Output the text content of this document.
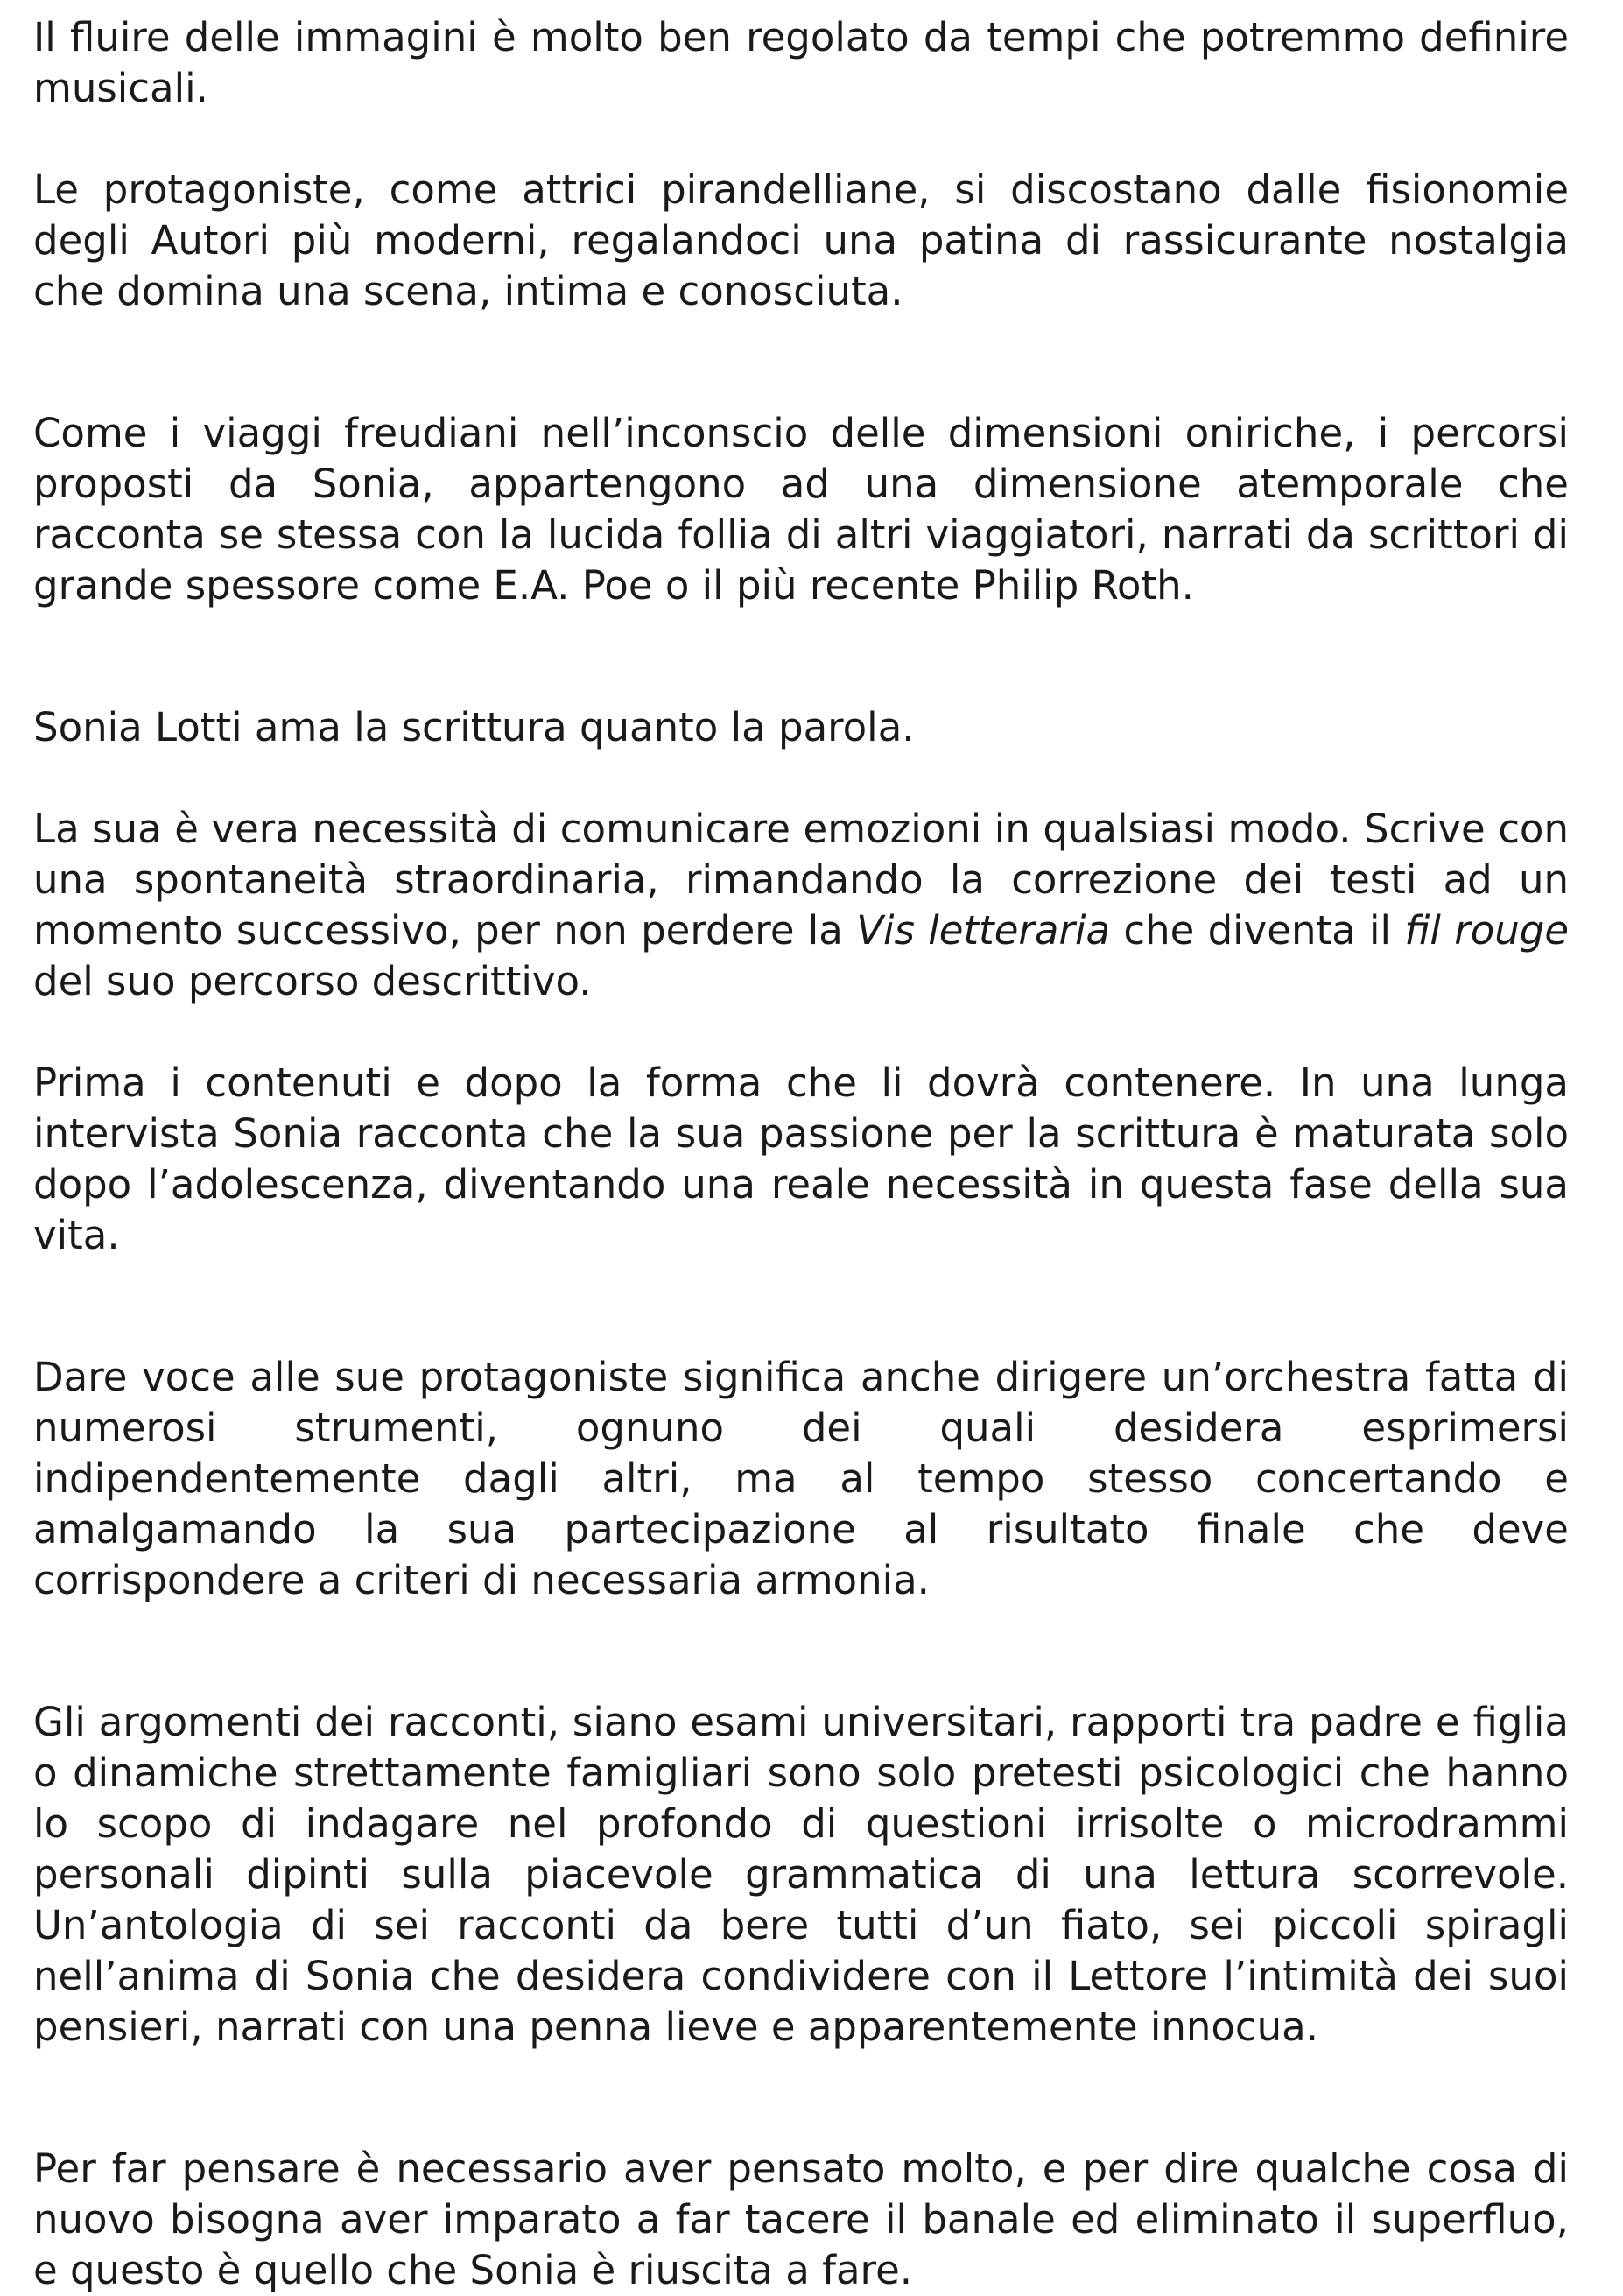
Il fluire delle immagini è molto ben regolato da tempi che potremmo definire musicali.

Le protagoniste, come attrici pirandelliane, si discostano dalle fisionomie degli Autori più moderni, regalandoci una patina di rassicurante nostalgia che domina una scena, intima e conosciuta.

Come i viaggi freudiani nell’inconscio delle dimensioni oniriche, i percorsi proposti da Sonia, appartengono ad una dimensione atemporale che racconta se stessa con la lucida follia di altri viaggiatori, narrati da scrittori di grande spessore come E.A. Poe o il più recente Philip Roth.

Sonia Lotti ama la scrittura quanto la parola.

La sua è vera necessità di comunicare emozioni in qualsiasi modo. Scrive con una spontaneità straordinaria, rimandando la correzione dei testi ad un momento successivo, per non perdere la Vis letteraria che diventa il fil rouge del suo percorso descrittivo.

Prima i contenuti e dopo la forma che li dovrà contenere. In una lunga intervista Sonia racconta che la sua passione per la scrittura è maturata solo dopo l’adolescenza, diventando una reale necessità in questa fase della sua vita.

Dare voce alle sue protagoniste significa anche dirigere un’orchestra fatta di numerosi strumenti, ognuno dei quali desidera esprimersi indipendentemente dagli altri, ma al tempo stesso concertando e amalgamando la sua partecipazione al risultato finale che deve corrispondere a criteri di necessaria armonia.

Gli argomenti dei racconti, siano esami universitari, rapporti tra padre e figlia o dinamiche strettamente famigliari sono solo pretesti psicologici che hanno lo scopo di indagare nel profondo di questioni irrisolte o microdrammi personali dipinti sulla piacevole grammatica di una lettura scorrevole. Un’antologia di sei racconti da bere tutti d’un fiato, sei piccoli spiragli nell’anima di Sonia che desidera condividere con il Lettore l’intimità dei suoi pensieri, narrati con una penna lieve e apparentemente innocua.

Per far pensare è necessario aver pensato molto, e per dire qualche cosa di nuovo bisogna aver imparato a far tacere il banale ed eliminato il superfluo, e questo è quello che Sonia è riuscita a fare.
